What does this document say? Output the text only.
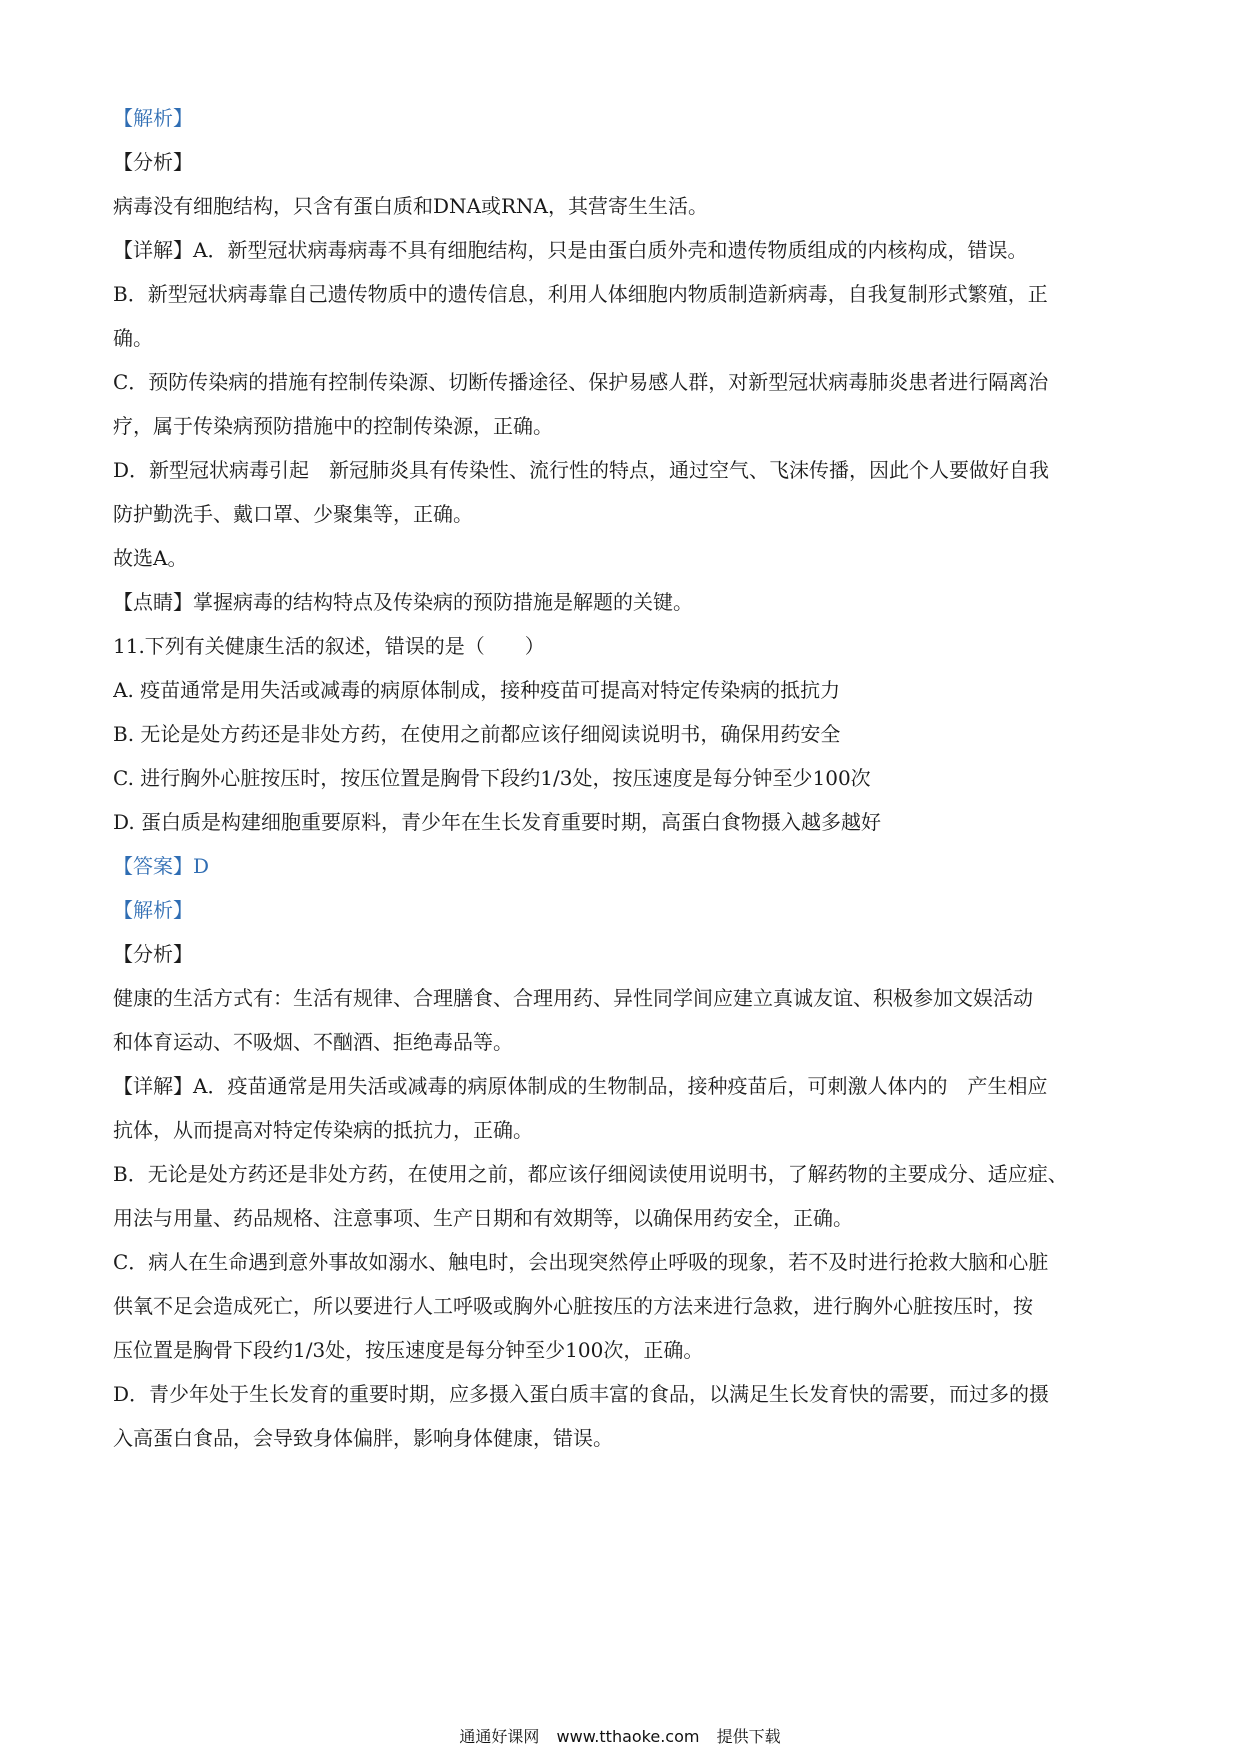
【解析】
【分析】
病毒没有细胞结构，只含有蛋白质和DNA或RNA，其营寄生生活。
【详解】A．新型冠状病毒病毒不具有细胞结构，只是由蛋白质外壳和遗传物质组成的内核构成，错误。
B．新型冠状病毒靠自己遗传物质中的遗传信息，利用人体细胞内物质制造新病毒，自我复制形式繁殖，正
确。
C．预防传染病的措施有控制传染源、切断传播途径、保护易感人群，对新型冠状病毒肺炎患者进行隔离治
疗，属于传染病预防措施中的控制传染源，正确。
D．新型冠状病毒引起　新冠肺炎具有传染性、流行性的特点，通过空气、飞沫传播，因此个人要做好自我
防护勤洗手、戴口罩、少聚集等，正确。
故选A。
【点睛】掌握病毒的结构特点及传染病的预防措施是解题的关键。
11.下列有关健康生活的叙述，错误的是（　　）
A. 疫苗通常是用失活或减毒的病原体制成，接种疫苗可提高对特定传染病的抵抗力
B. 无论是处方药还是非处方药，在使用之前都应该仔细阅读说明书，确保用药安全
C. 进行胸外心脏按压时，按压位置是胸骨下段约1/3处，按压速度是每分钟至少100次
D. 蛋白质是构建细胞重要原料，青少年在生长发育重要时期，高蛋白食物摄入越多越好
【答案】D
【解析】
【分析】
健康的生活方式有：生活有规律、合理膳食、合理用药、异性同学间应建立真诚友谊、积极参加文娱活动
和体育运动、不吸烟、不酗酒、拒绝毒品等。
【详解】A．疫苗通常是用失活或减毒的病原体制成的生物制品，接种疫苗后，可刺激人体内的　产生相应
抗体，从而提高对特定传染病的抵抗力，正确。
B．无论是处方药还是非处方药，在使用之前，都应该仔细阅读使用说明书，了解药物的主要成分、适应症、
用法与用量、药品规格、注意事项、生产日期和有效期等，以确保用药安全，正确。
C．病人在生命遇到意外事故如溺水、触电时，会出现突然停止呼吸的现象，若不及时进行抢救大脑和心脏
供氧不足会造成死亡，所以要进行人工呼吸或胸外心脏按压的方法来进行急救，进行胸外心脏按压时，按
压位置是胸骨下段约1/3处，按压速度是每分钟至少100次，正确。
D．青少年处于生长发育的重要时期，应多摄入蛋白质丰富的食品，以满足生长发育快的需要，而过多的摄
入高蛋白食品，会导致身体偏胖，影响身体健康，错误。
通通好课网 www.tthaoke.com 提供下载
